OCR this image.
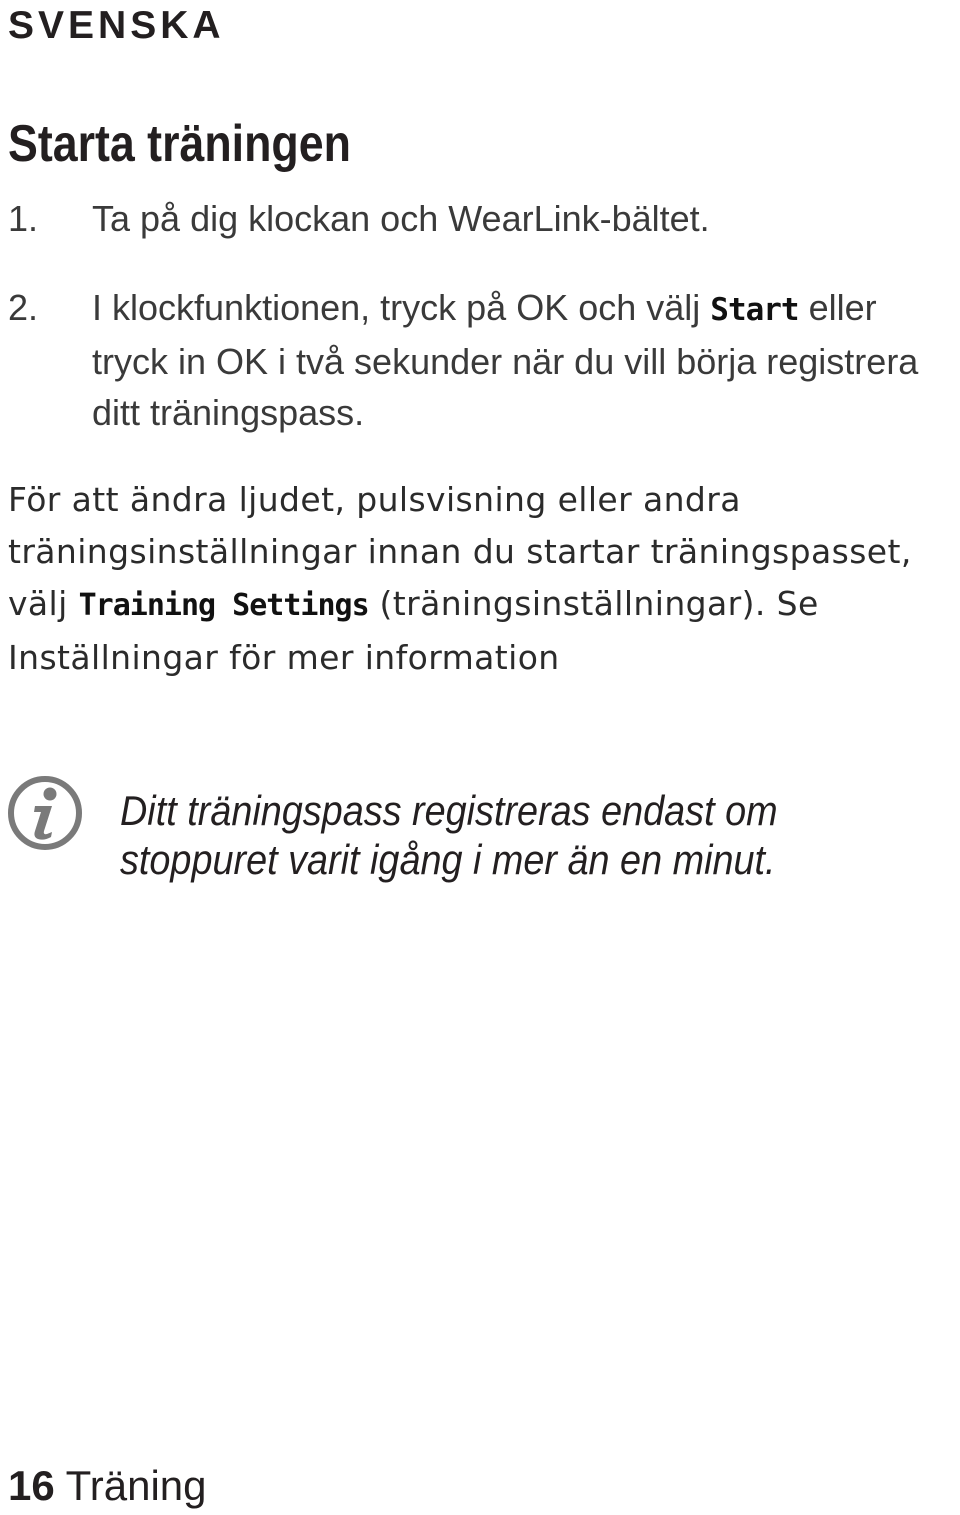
SVENSKA
Starta träningen
1. Ta på dig klockan och WearLink-bältet.
2. I klockfunktionen, tryck på OK och välj Start eller tryck in OK i två sekunder när du vill börja registrera ditt träningspass.
För att ändra ljudet, pulsvisning eller andra träningsinställningar innan du startar träningspasset, välj Training Settings (träningsinställningar). Se Inställningar för mer information
Ditt träningspass registreras endast om
stoppuret varit igång i mer än en minut.
16 Träning
